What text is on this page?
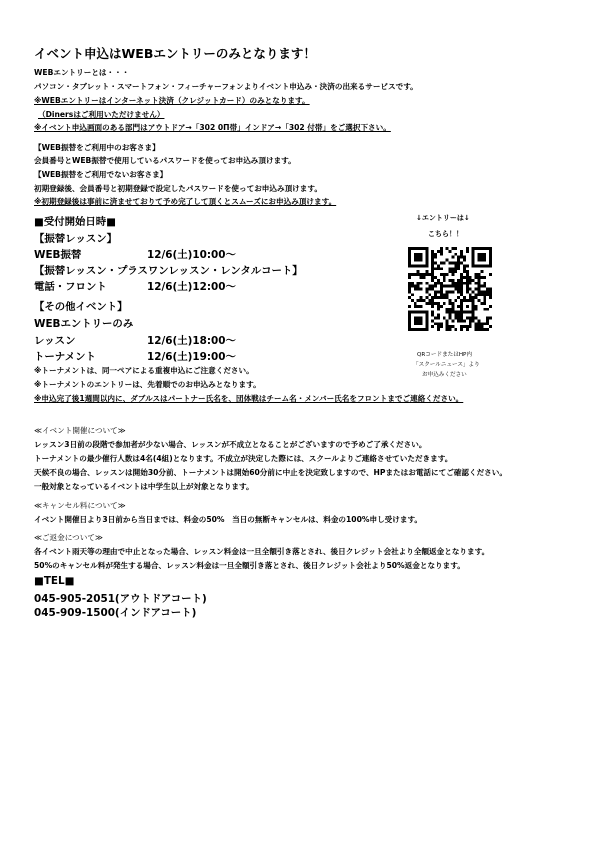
イベント申込はWEBエントリーのみとなります！
WEBエントリーとは・・・
パソコン・タブレット・スマートフォン・フィーチャーフォンよりイベント申込み・決済の出来るサービスです。
※WEBエントリーはインターネット決済（クレジットカード）のみとなります。
（Dinersはご利用いただけません）
※イベント申込画面のある部門はアウトドア→「302 0П帯」インドア→「302 付帯」をご選択下さい。
【WEB振替をご利用中のお客さま】
会員番号とWEB振替で使用しているパスワードを使ってお申込み頂けます。
【WEB振替をご利用でないお客さま】
初期登録後、会員番号と初期登録で設定したパスワードを使ってお申込み頂けます。
※初期登録後は事前に済ませておりて予め完了して頂くとスムーズにお申込み頂けます。
■受付開始日時■
【振替レッスン】
WEB振替	12/6(土)10:00～
【振替レッスン・プラスワンレッスン・レンタルコート】
電話・フロント	12/6(土)12:00～
【その他イベント】
WEBエントリーのみ
レッスン	12/6(土)18:00～
トーナメント	12/6(土)19:00～
※トーナメントは、同一ペアによる重複申込にご注意ください。
※トーナメントのエントリーは、先着順でのお申込みとなります。
※申込完了後1週間以内に、ダブルスはパートナー氏名を、団体戦はチーム名・メンバー氏名をフロントまでご連絡ください。
↓エントリーは↓
こちら！！
QRコードまたはHP内
「スクールニュース」より
お申込みください
≪イベント開催について≫
レッスン3日前の段階で参加者が少ない場合、レッスンが不成立となることがございますので予めご了承ください。
トーナメントの最少催行人数は4名(4組)となります。不成立が決定した際には、スクールよりご連絡させていただきます。
天候不良の場合、レッスンは開始30分前、トーナメントは開始60分前に中止を決定致しますので、HPまたはお電話にてご確認ください。
一般対象となっているイベントは中学生以上が対象となります。
≪キャンセル料について≫
イベント開催日より3日前から当日までは、料金の50%　当日の無断キャンセルは、料金の100%申し受けます。
≪ご返金について≫
各イベント雨天等の理由で中止となった場合、レッスン料金は一旦全額引き落とされ、後日クレジット会社より全額返金となります。
50%のキャンセル料が発生する場合、レッスン料金は一旦全額引き落とされ、後日クレジット会社より50%返金となります。
■TEL■
045-905-2051(アウトドアコート)
045-909-1500(インドアコート)
